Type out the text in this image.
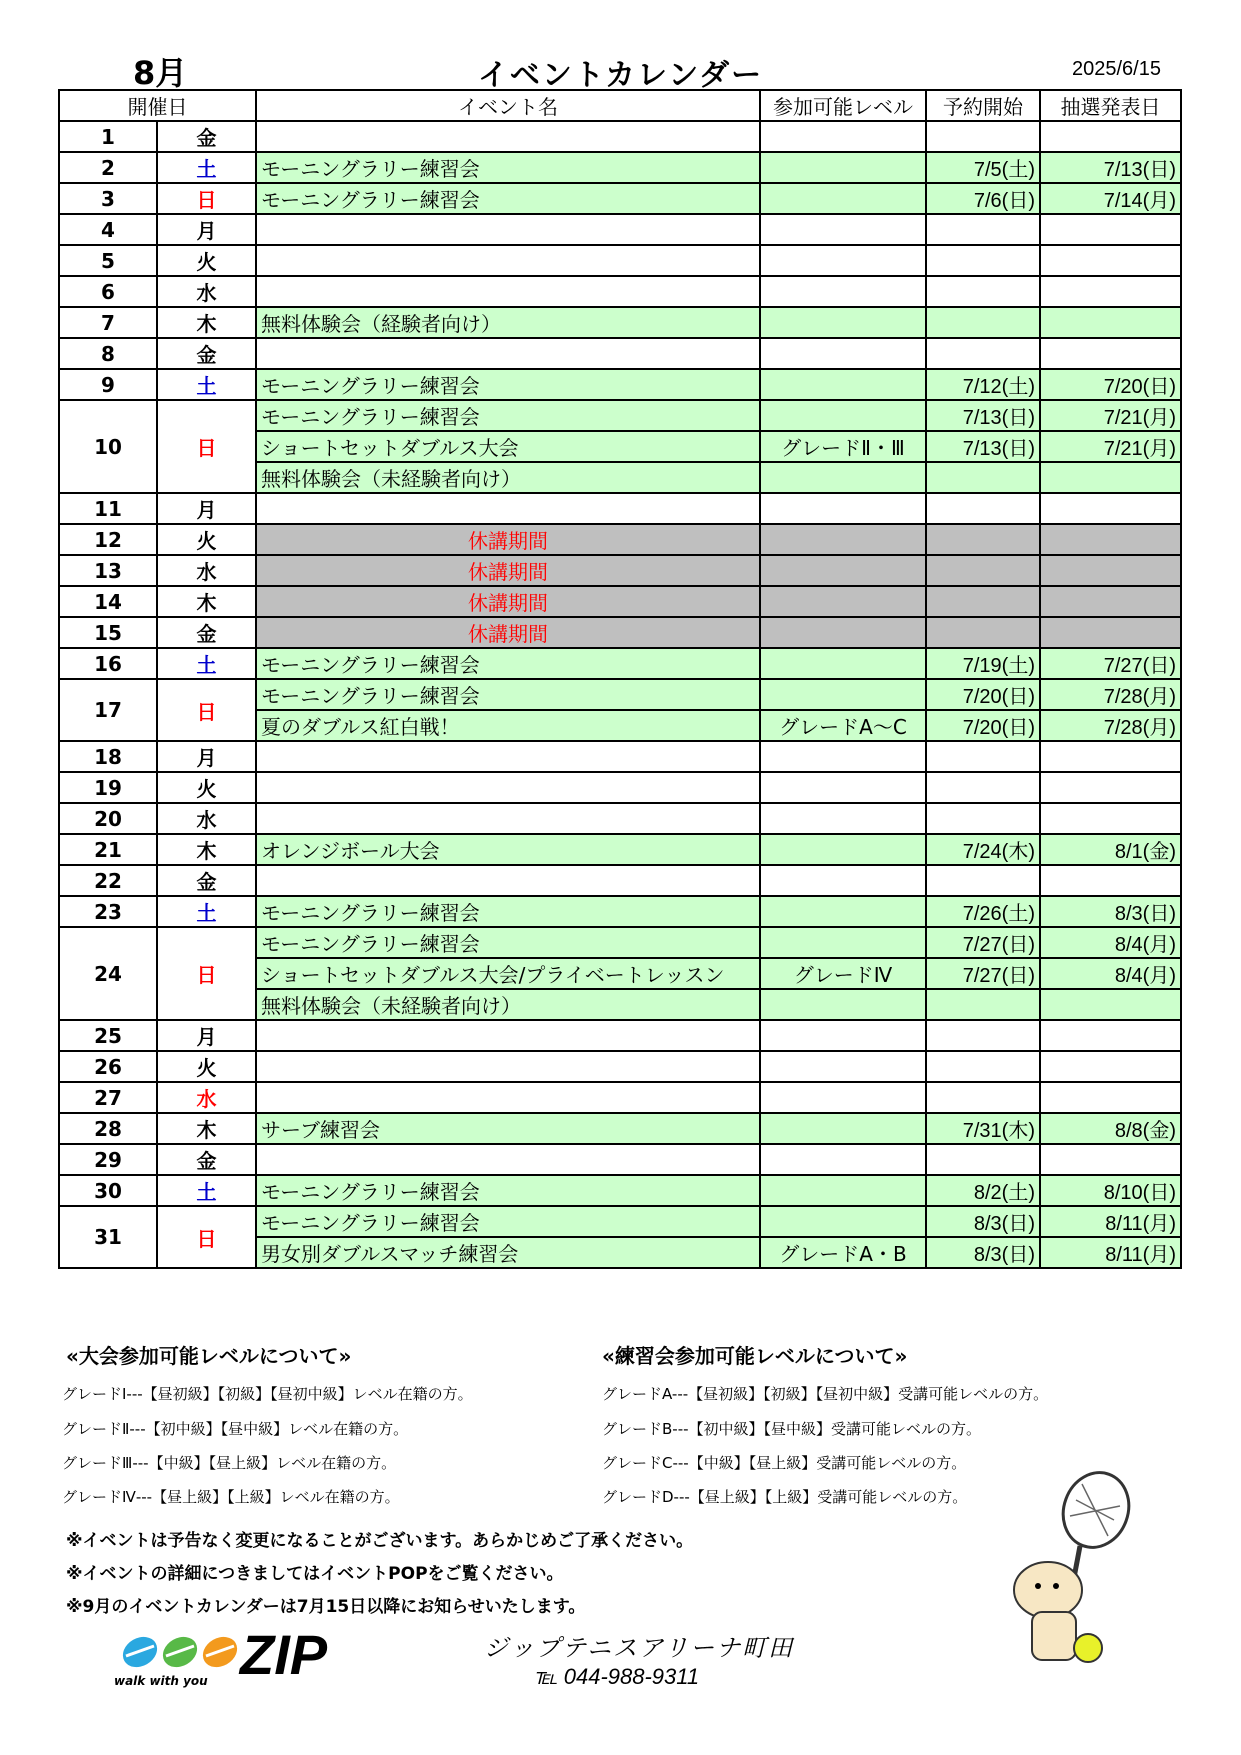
8月	イベントカレンダー	2025/6/15
開催日		イベント名	参加可能レベル	予約開始	抽選発表日
1	金				
2	土	モーニングラリー練習会		7/5(土)	7/13(日)
3	日	モーニングラリー練習会		7/6(日)	7/14(月)
4	月				
5	火				
6	水				
7	木	無料体験会（経験者向け）			
8	金				
9	土	モーニングラリー練習会		7/12(土)	7/20(日)
10	日	モーニングラリー練習会		7/13(日)	7/21(月)
		ショートセットダブルス大会	グレードⅡ・Ⅲ	7/13(日)	7/21(月)
		無料体験会（未経験者向け）			
11	月				
12	火	休講期間			
13	水	休講期間			
14	木	休講期間			
15	金	休講期間			
16	土	モーニングラリー練習会		7/19(土)	7/27(日)
17	日	モーニングラリー練習会		7/20(日)	7/28(月)
		夏のダブルス紅白戦！	グレードA～C	7/20(日)	7/28(月)
18	月				
19	火				
20	水				
21	木	オレンジボール大会		7/24(木)	8/1(金)
22	金				
23	土	モーニングラリー練習会		7/26(土)	8/3(日)
24	日	モーニングラリー練習会		7/27(日)	8/4(月)
		ショートセットダブルス大会/プライベートレッスン	グレードⅣ	7/27(日)	8/4(月)
		無料体験会（未経験者向け）			
25	月				
26	火				
27	水				
28	木	サーブ練習会		7/31(木)	8/8(金)
29	金				
30	土	モーニングラリー練習会		8/2(土)	8/10(日)
31	日	モーニングラリー練習会		8/3(日)	8/11(月)
		男女別ダブルスマッチ練習会	グレードA・B	8/3(日)	8/11(月)
«大会参加可能レベルについて»
グレードⅠ---【昼初級】【初級】【昼初中級】レベル在籍の方。
グレードⅡ---【初中級】【昼中級】レベル在籍の方。
グレードⅢ---【中級】【昼上級】レベル在籍の方。
グレードⅣ---【昼上級】【上級】レベル在籍の方。
«練習会参加可能レベルについて»
グレードA---【昼初級】【初級】【昼初中級】受講可能レベルの方。
グレードB---【初中級】【昼中級】受講可能レベルの方。
グレードC---【中級】【昼上級】受講可能レベルの方。
グレードD---【昼上級】【上級】受講可能レベルの方。
※イベントは予告なく変更になることがございます。あらかじめご了承ください。
※イベントの詳細につきましてはイベントPOPをご覧ください。
※9月のイベントカレンダーは7月15日以降にお知らせいたします。
walk with you ZIP	ジップテニスアリーナ町田
℡ 044-988-9311
